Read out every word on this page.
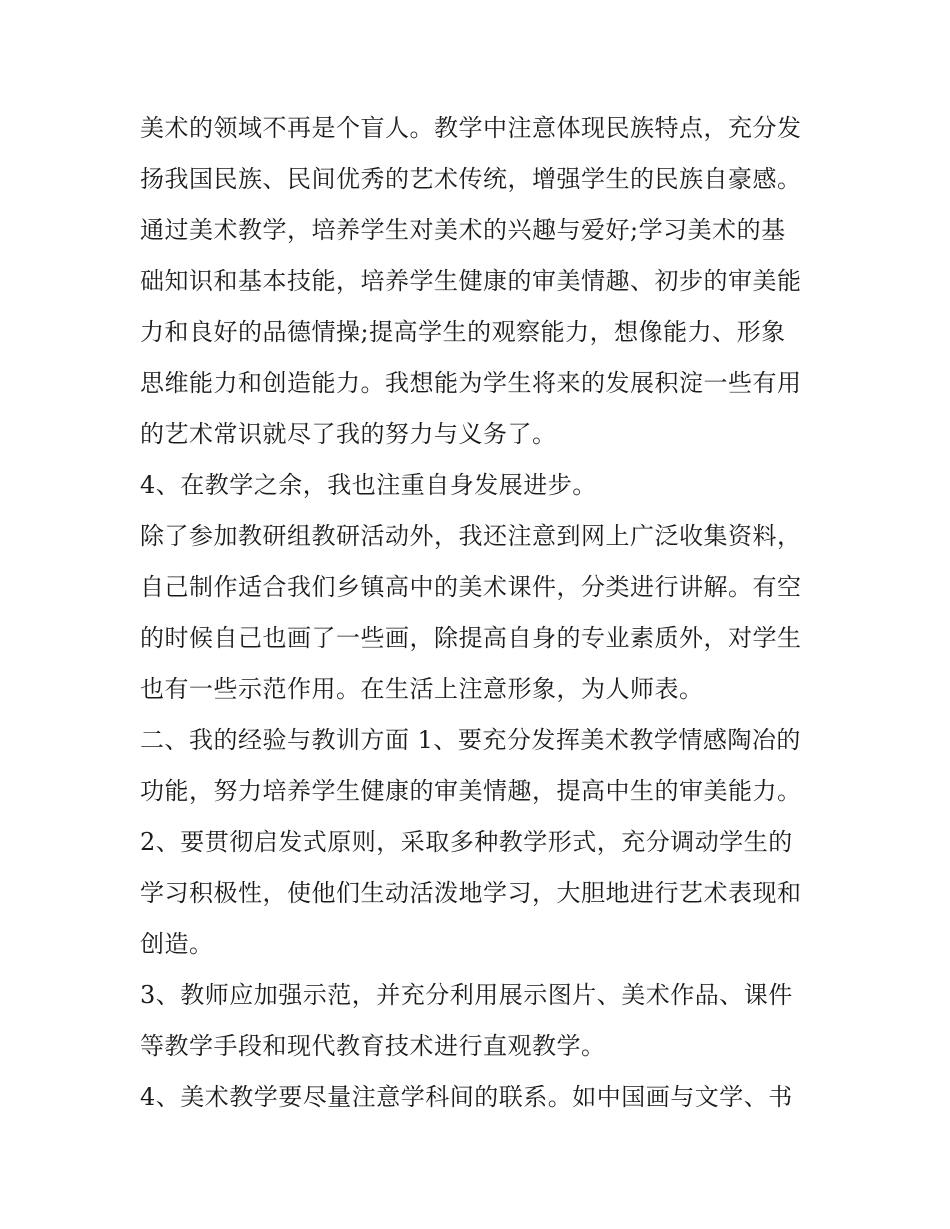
美术的领域不再是个盲人。教学中注意体现民族特点，充分发
扬我国民族、民间优秀的艺术传统，增强学生的民族自豪感。
通过美术教学，培养学生对美术的兴趣与爱好;学习美术的基
础知识和基本技能，培养学生健康的审美情趣、初步的审美能
力和良好的品德情操;提高学生的观察能力，想像能力、形象
思维能力和创造能力。我想能为学生将来的发展积淀一些有用
的艺术常识就尽了我的努力与义务了。
4、在教学之余，我也注重自身发展进步。
除了参加教研组教研活动外，我还注意到网上广泛收集资料，
自己制作适合我们乡镇高中的美术课件，分类进行讲解。有空
的时候自己也画了一些画，除提高自身的专业素质外，对学生
也有一些示范作用。在生活上注意形象，为人师表。
二、我的经验与教训方面 1、要充分发挥美术教学情感陶冶的
功能，努力培养学生健康的审美情趣，提高中生的审美能力。
2、要贯彻启发式原则，采取多种教学形式，充分调动学生的
学习积极性，使他们生动活泼地学习，大胆地进行艺术表现和
创造。
3、教师应加强示范，并充分利用展示图片、美术作品、课件
等教学手段和现代教育技术进行直观教学。
4、美术教学要尽量注意学科间的联系。如中国画与文学、书
